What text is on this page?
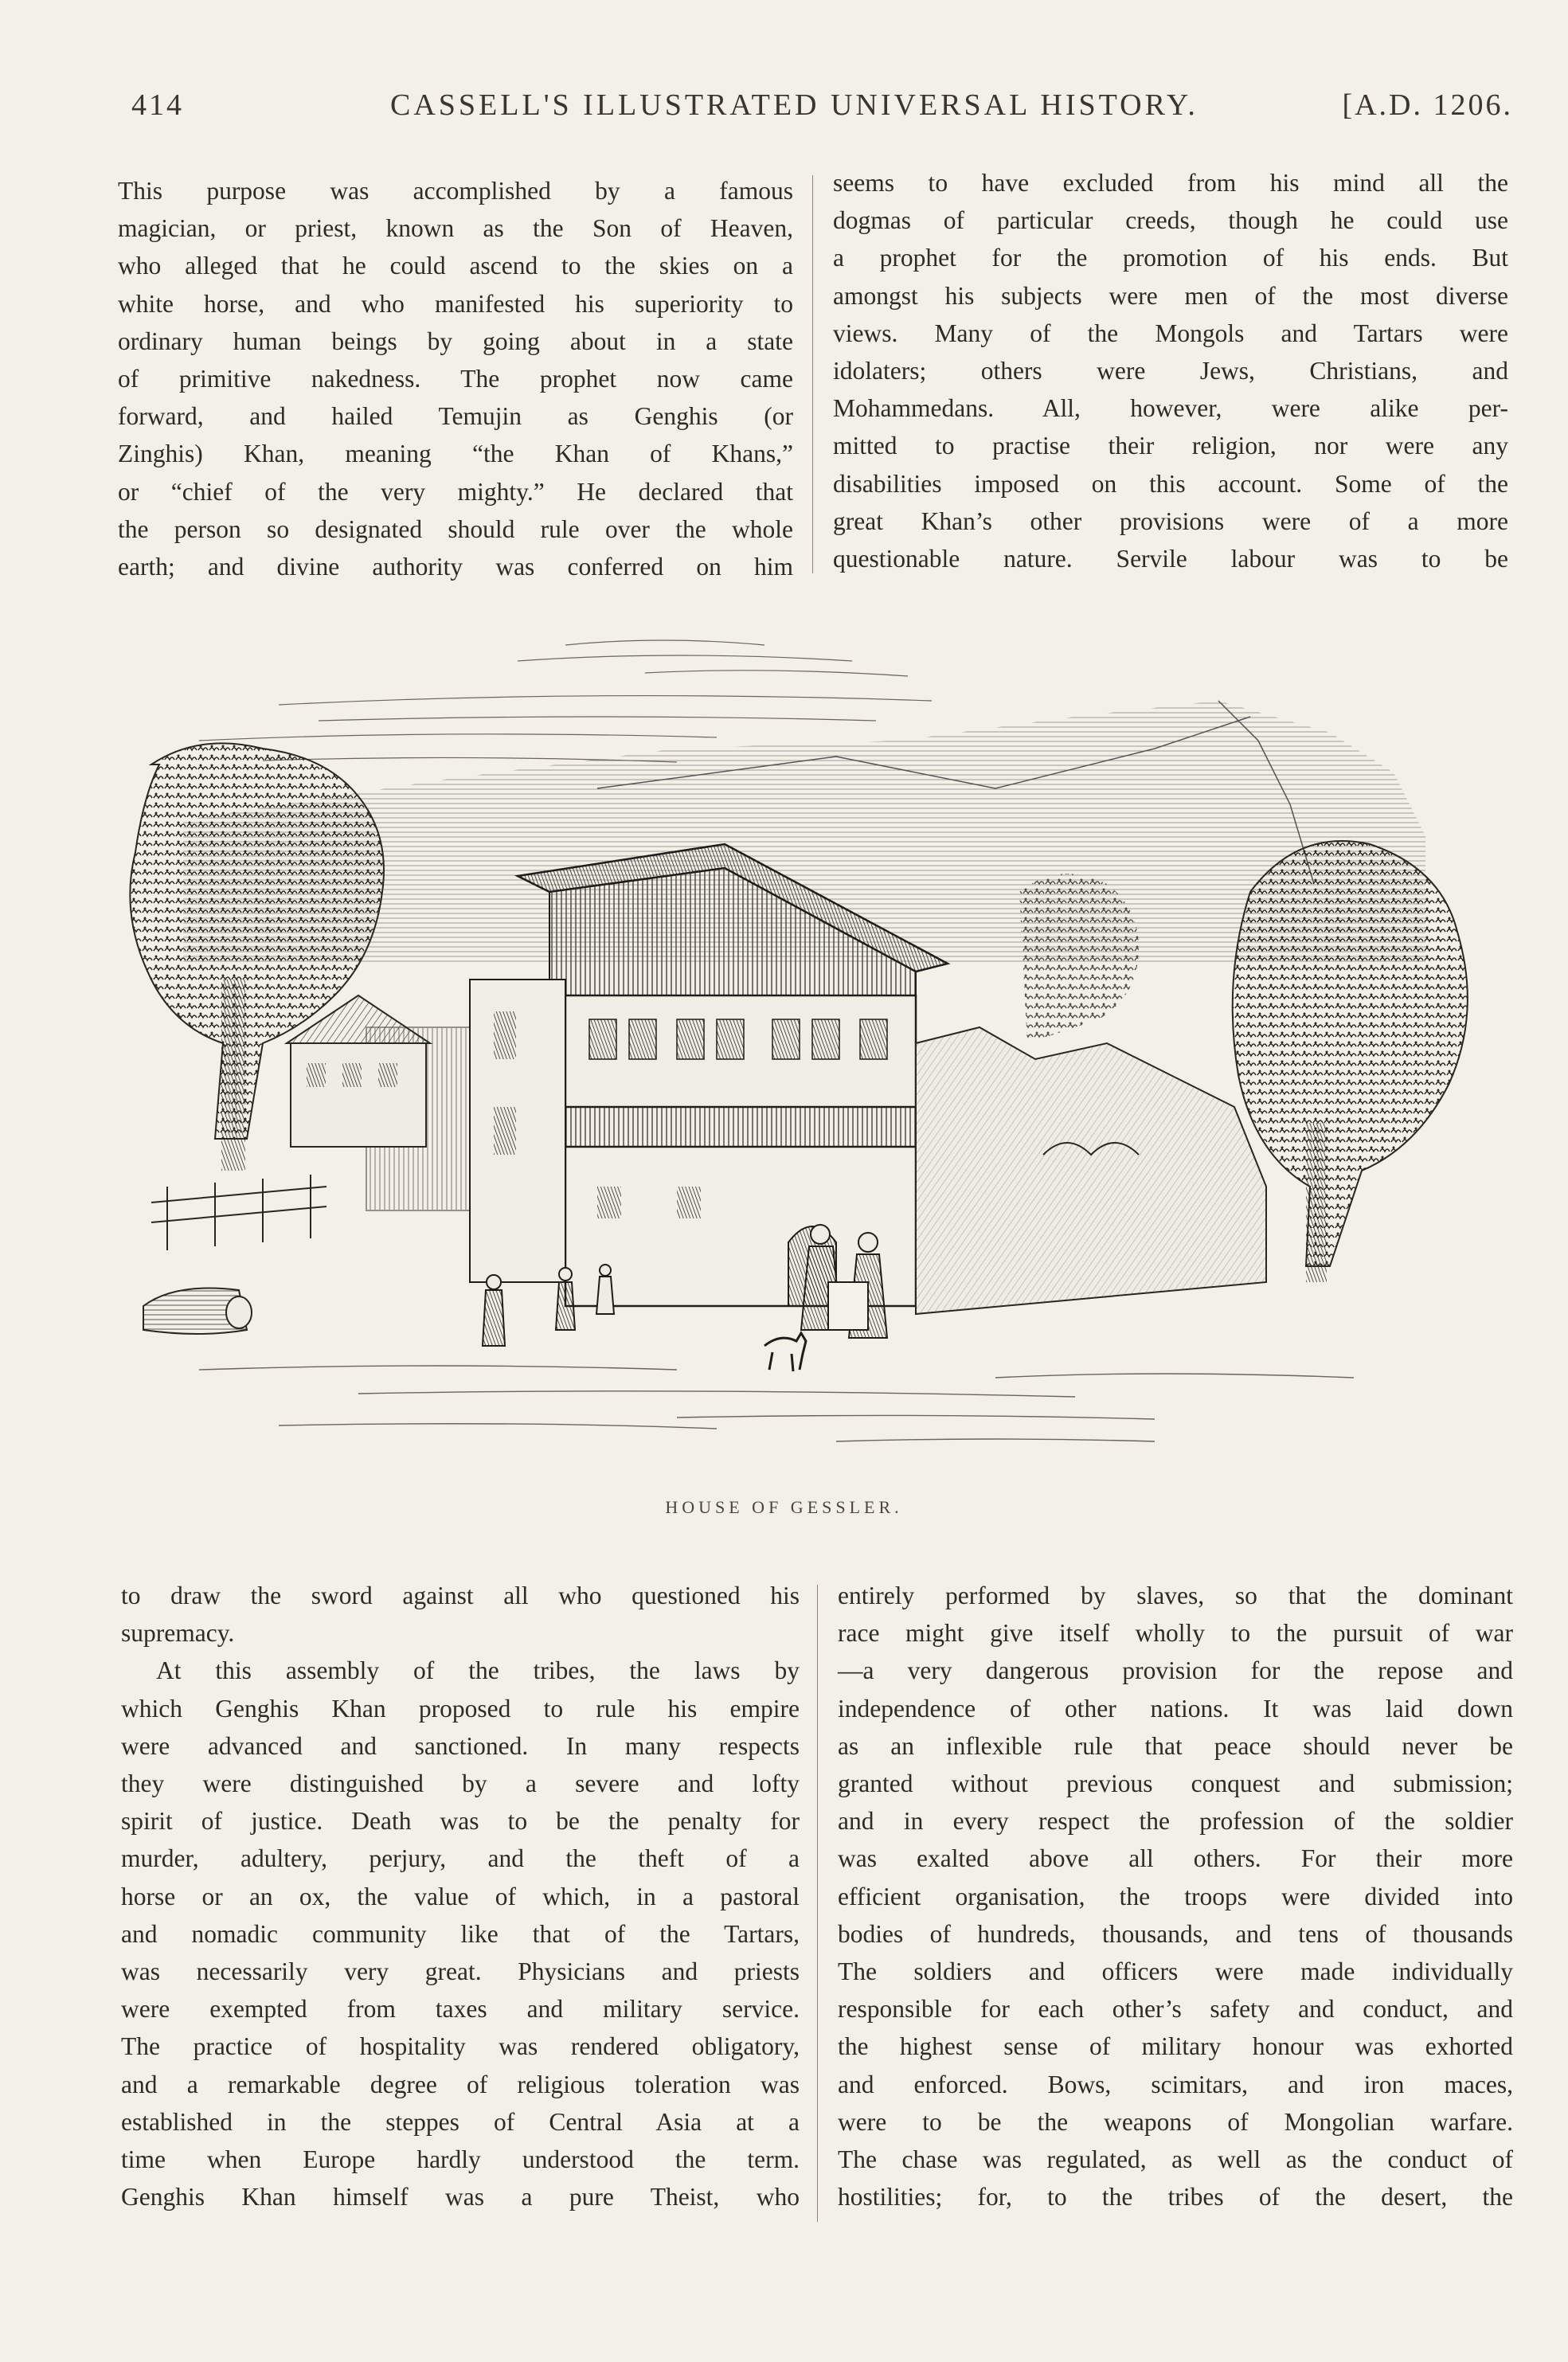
414	CASSELL'S ILLUSTRATED UNIVERSAL HISTORY.	[A.D. 1206.

This purpose was accomplished by a famous
magician, or priest, known as the Son of Heaven,
who alleged that he could ascend to the skies on a
white horse, and who manifested his superiority to
ordinary human beings by going about in a state
of primitive nakedness. The prophet now came
forward, and hailed Temujin as Genghis (or
Zinghis) Khan, meaning “the Khan of Khans,”
or “chief of the very mighty.” He declared that
the person so designated should rule over the whole
earth; and divine authority was conferred on him

seems to have excluded from his mind all the
dogmas of particular creeds, though he could use
a prophet for the promotion of his ends. But
amongst his subjects were men of the most diverse
views. Many of the Mongols and Tartars were
idolaters; others were Jews, Christians, and
Mohammedans. All, however, were alike per-
mitted to practise their religion, nor were any
disabilities imposed on this account. Some of the
great Khan’s other provisions were of a more
questionable nature. Servile labour was to be

HOUSE OF GESSLER.

to draw the sword against all who questioned his
supremacy.

At this assembly of the tribes, the laws by
which Genghis Khan proposed to rule his empire
were advanced and sanctioned. In many respects
they were distinguished by a severe and lofty
spirit of justice. Death was to be the penalty for
murder, adultery, perjury, and the theft of a
horse or an ox, the value of which, in a pastoral
and nomadic community like that of the Tartars,
was necessarily very great. Physicians and priests
were exempted from taxes and military service.
The practice of hospitality was rendered obligatory,
and a remarkable degree of religious toleration was
established in the steppes of Central Asia at a
time when Europe hardly understood the term.
Genghis Khan himself was a pure Theist, who

entirely performed by slaves, so that the dominant
race might give itself wholly to the pursuit of war
—a very dangerous provision for the repose and
independence of other nations. It was laid down
as an inflexible rule that peace should never be
granted without previous conquest and submission;
and in every respect the profession of the soldier
was exalted above all others. For their more
efficient organisation, the troops were divided into
bodies of hundreds, thousands, and tens of thousands
The soldiers and officers were made individually
responsible for each other’s safety and conduct, and
the highest sense of military honour was exhorted
and enforced. Bows, scimitars, and iron maces,
were to be the weapons of Mongolian warfare.
The chase was regulated, as well as the conduct of
hostilities; for, to the tribes of the desert, the
